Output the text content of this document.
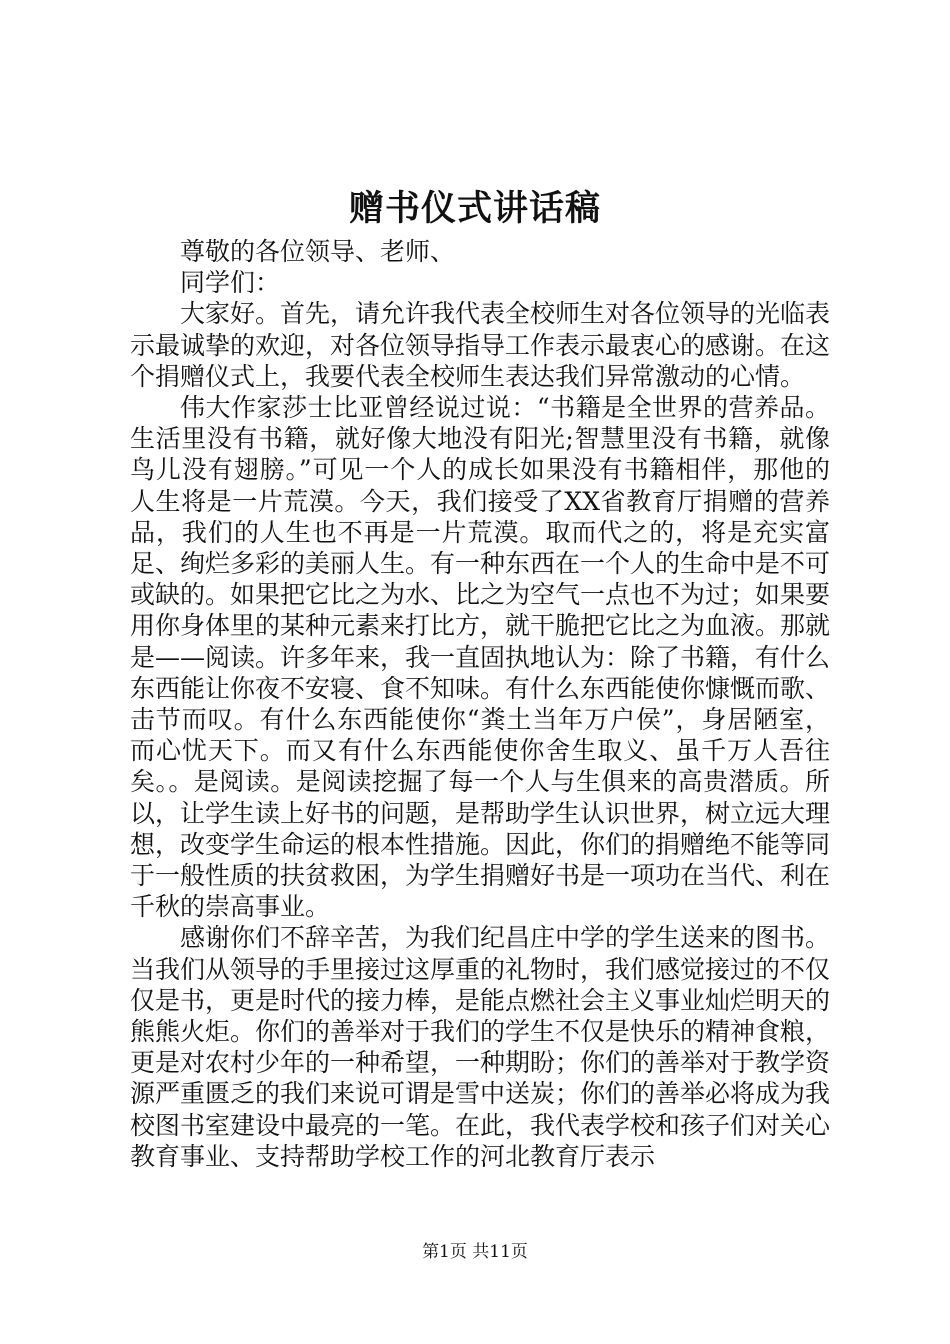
赠书仪式讲话稿

尊敬的各位领导、老师、

同学们：

大家好。首先，请允许我代表全校师生对各位领导的光临表示最诚挚的欢迎，对各位领导指导工作表示最衷心的感谢。在这个捐赠仪式上，我要代表全校师生表达我们异常激动的心情。

伟大作家莎士比亚曾经说过说：“书籍是全世界的营养品。生活里没有书籍，就好像大地没有阳光;智慧里没有书籍，就像鸟儿没有翅膀。”可见一个人的成长如果没有书籍相伴，那他的人生将是一片荒漠。今天，我们接受了XX省教育厅捐赠的营养品，我们的人生也不再是一片荒漠。取而代之的，将是充实富足、绚烂多彩的美丽人生。有一种东西在一个人的生命中是不可或缺的。如果把它比之为水、比之为空气一点也不为过；如果要用你身体里的某种元素来打比方，就干脆把它比之为血液。那就是——阅读。许多年来，我一直固执地认为：除了书籍，有什么东西能让你夜不安寝、食不知味。有什么东西能使你慷慨而歌、击节而叹。有什么东西能使你“粪土当年万户侯”，身居陋室，而心忧天下。而又有什么东西能使你舍生取义、虽千万人吾往矣。。是阅读。是阅读挖掘了每一个人与生俱来的高贵潜质。所以，让学生读上好书的问题，是帮助学生认识世界，树立远大理想，改变学生命运的根本性措施。因此，你们的捐赠绝不能等同于一般性质的扶贫救困，为学生捐赠好书是一项功在当代、利在千秋的崇高事业。

感谢你们不辞辛苦，为我们纪昌庄中学的学生送来的图书。当我们从领导的手里接过这厚重的礼物时，我们感觉接过的不仅仅是书，更是时代的接力棒，是能点燃社会主义事业灿烂明天的熊熊火炬。你们的善举对于我们的学生不仅是快乐的精神食粮，更是对农村少年的一种希望，一种期盼；你们的善举对于教学资源严重匮乏的我们来说可谓是雪中送炭；你们的善举必将成为我校图书室建设中最亮的一笔。在此，我代表学校和孩子们对关心教育事业、支持帮助学校工作的河北教育厅表示

第1页 共11页
